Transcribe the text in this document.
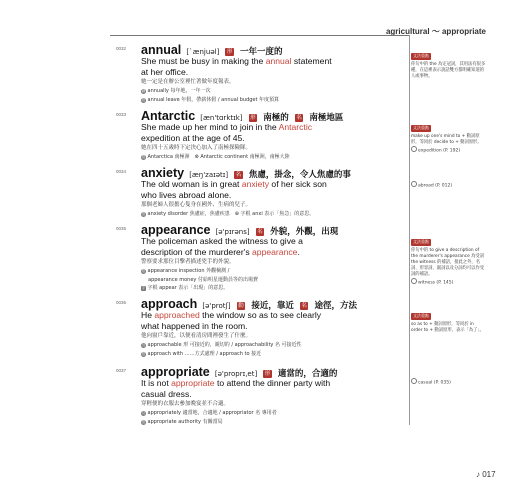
agricultural ～ appropriate
0032	annual [ˋænjuəl] 形 一年一度的
She must be busy in making the annual statement at her office.
她一定是在辦公室裡忙著做年度報表。
副 annually 每年地，一年一次
搭 annual leave 年假，帶薪休假 / annual budget 年度預算
文法重點
你句中的 the 為定冠詞，其用法有很多種，在這裡表示說話雙方都明確知道的人或事物。
0033	Antarctic [æn'tɑrktɪk] 形 南極的 名 南極地區
She made up her mind to join in the Antarctic expedition at the age of 45.
她在四十五歲時下定決心加入了南極探險隊。
搭 Antarctica 南極洲　⊗ Antarctic continent 南極洲，南極大陸
文法重點
make up one's mind to + 動詞原形，等同於 decide to + 動詞原形。
expedition (P. 192)
0034	anxiety [æŋ'zaɪətɪ] 名 焦慮，掛念，令人焦慮的事
The old woman is in great anxiety of her sick son who lives abroad alone.
那個老婦人很擔心隻身在國外、生病的兒子。
搭 anxiety disorder 焦慮症，焦慮疾患　⊕ 字根 anxi 表示「焦急」的意思。
abroad (P. 012)
0035	appearance [ə'pɪrəns] 名 外貌，外觀，出現
The policeman asked the witness to give a description of the murderer's appearance.
警察要求那位目擊者描述兇手的外貌。
搭 appearance inspection 外觀檢測 /
appearance money 付給明星運動員等的出場費
字 字根 appear 表示「出現」的意思。
文法重點
你句中的 to give a description of the murderer's appearance 為受詞 the witness 的補語，接此之外，名詞、形容詞、副詞以及分詞均可以作受詞的補語。
witness (P. 145)
0036	approach [ə'protʃ] 動 接近，靠近 名 途徑，方法
He approached the window so as to see clearly what happened in the room.
他向窗戶靠近，以便看清房間裡發生了什麼。
衍 approachable 形 可接近的，親切的 / approachability 名 可接近性
搭 approach with ……方式處理 / approach to 接近
文法重點
so as to + 動詞原形，等同於 in order to + 動詞原形，表示「為了」。
0037	appropriate [ə'proprɪ,et] 形 適當的，合適的
It is not appropriate to attend the dinner party with casual dress.
穿輕便的衣服去參加晚宴並不合適。
衍 appropriately 適當地，合適地 / appropriator 名 專用者
搭 appropriate authority 有關當局
casual (P. 035)
♪ 017
